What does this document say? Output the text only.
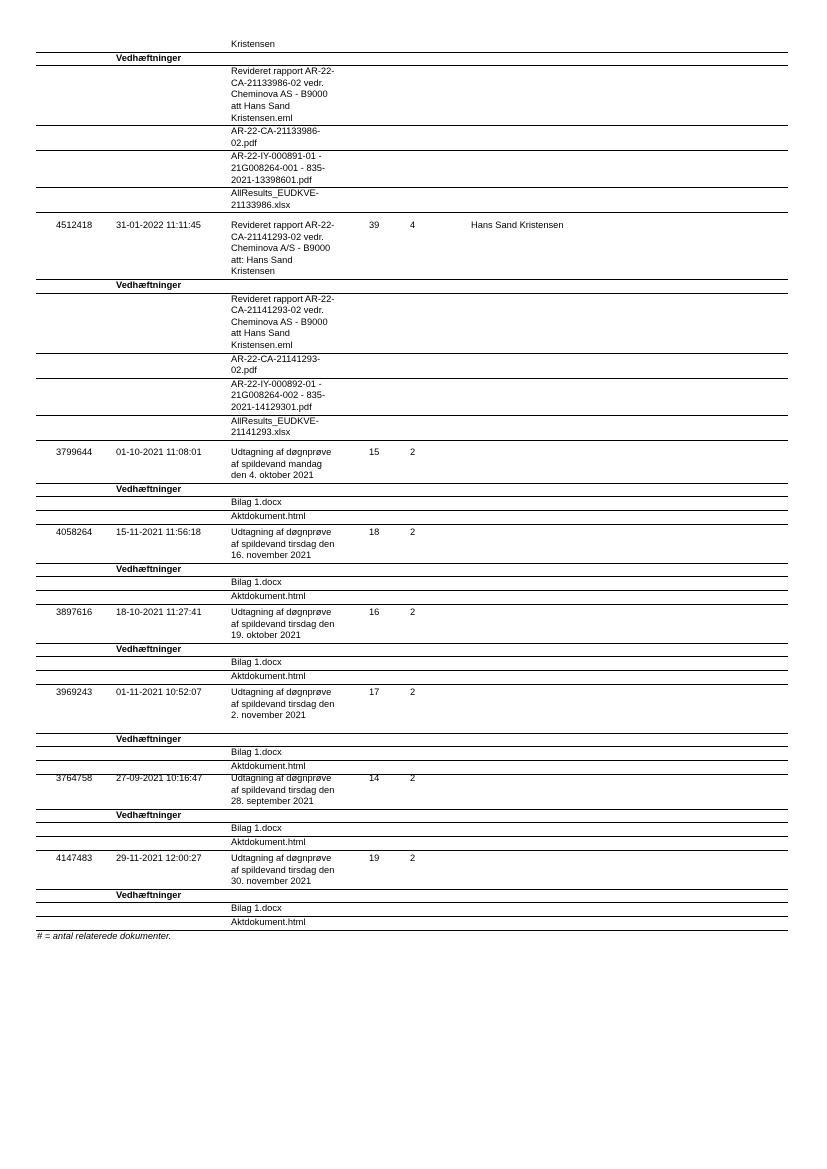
Kristensen
Vedhæftninger
Revideret rapport AR-22-
CA-21133986-02 vedr.
Cheminova AS - B9000
att Hans Sand
Kristensen.eml
AR-22-CA-21133986-
02.pdf
AR-22-IY-000891-01 -
21G008264-001 - 835-
2021-13398601.pdf
AllResults_EUDKVE-
21133986.xlsx
4512418	31-01-2022 11:11:45	Revideret rapport AR-22-
CA-21141293-02 vedr.
Cheminova A/S - B9000
att: Hans Sand
Kristensen
39	4	Hans Sand Kristensen
Vedhæftninger
Revideret rapport AR-22-
CA-21141293-02 vedr.
Cheminova AS - B9000
att Hans Sand
Kristensen.eml
AR-22-CA-21141293-
02.pdf
AR-22-IY-000892-01 -
21G008264-002 - 835-
2021-14129301.pdf
AllResults_EUDKVE-
21141293.xlsx
3799644	01-10-2021 11:08:01	Udtagning af døgnprøve
af spildevand mandag
den 4. oktober 2021
15	2
Vedhæftninger
Bilag 1.docx
Aktdokument.html
4058264	15-11-2021 11:56:18	Udtagning af døgnprøve
af spildevand tirsdag den
16. november 2021
18	2
Vedhæftninger
Bilag 1.docx
Aktdokument.html
3897616	18-10-2021 11:27:41	Udtagning af døgnprøve
af spildevand tirsdag den
19. oktober 2021
16	2
Vedhæftninger
Bilag 1.docx
Aktdokument.html
3969243	01-11-2021 10:52:07	Udtagning af døgnprøve
af spildevand tirsdag den
2. november 2021
17	2
Vedhæftninger
Bilag 1.docx
Aktdokument.html
3764758	27-09-2021 10:16:47	Udtagning af døgnprøve
af spildevand tirsdag den
28. september 2021
14	2
Vedhæftninger
Bilag 1.docx
Aktdokument.html
4147483	29-11-2021 12:00:27	Udtagning af døgnprøve
af spildevand tirsdag den
30. november 2021
19	2
Vedhæftninger
Bilag 1.docx
Aktdokument.html
# = antal relaterede dokumenter.
